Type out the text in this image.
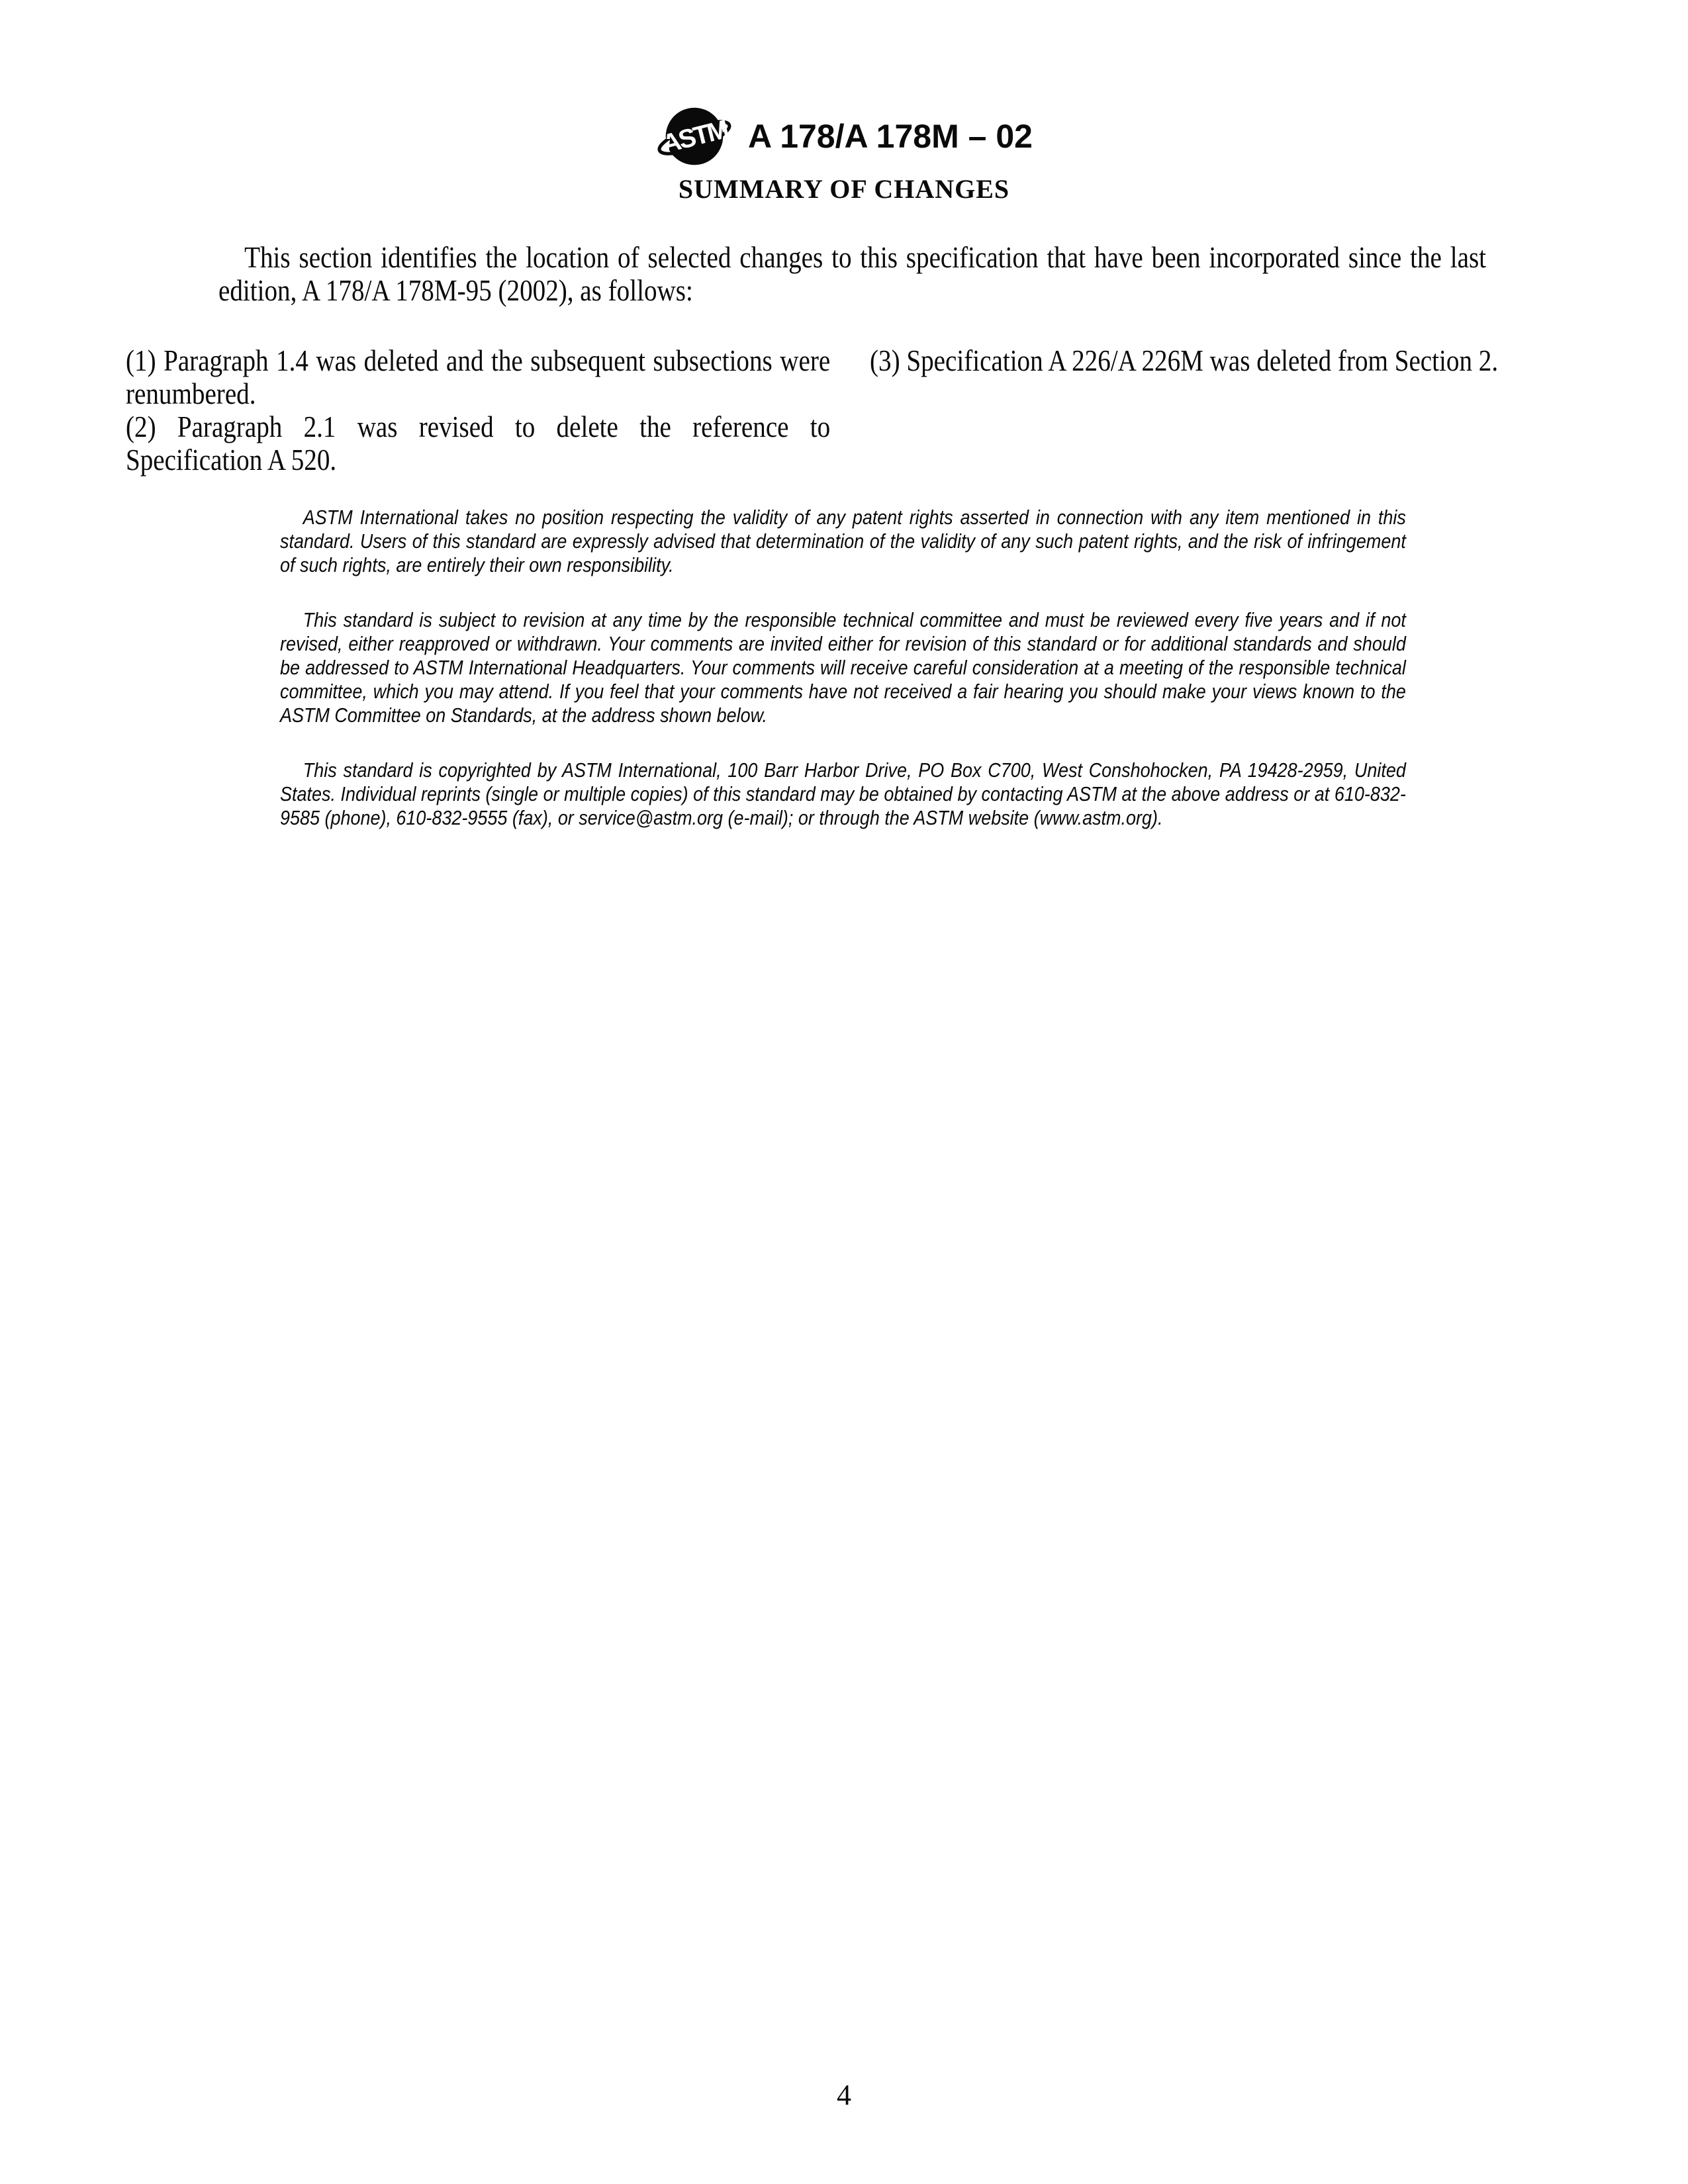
ASTM A 178/A 178M – 02
SUMMARY OF CHANGES

This section identifies the location of selected changes to this specification that have been incorporated since the last edition, A 178/A 178M-95 (2002), as follows:

(1) Paragraph 1.4 was deleted and the subsequent subsections were renumbered.

(2) Paragraph 2.1 was revised to delete the reference to Specification A 520.

(3) Specification A 226/A 226M was deleted from Section 2.

ASTM International takes no position respecting the validity of any patent rights asserted in connection with any item mentioned in this standard. Users of this standard are expressly advised that determination of the validity of any such patent rights, and the risk of infringement of such rights, are entirely their own responsibility.

This standard is subject to revision at any time by the responsible technical committee and must be reviewed every five years and if not revised, either reapproved or withdrawn. Your comments are invited either for revision of this standard or for additional standards and should be addressed to ASTM International Headquarters. Your comments will receive careful consideration at a meeting of the responsible technical committee, which you may attend. If you feel that your comments have not received a fair hearing you should make your views known to the ASTM Committee on Standards, at the address shown below.

This standard is copyrighted by ASTM International, 100 Barr Harbor Drive, PO Box C700, West Conshohocken, PA 19428-2959, United States. Individual reprints (single or multiple copies) of this standard may be obtained by contacting ASTM at the above address or at 610-832-9585 (phone), 610-832-9555 (fax), or service@astm.org (e-mail); or through the ASTM website (www.astm.org).

4
